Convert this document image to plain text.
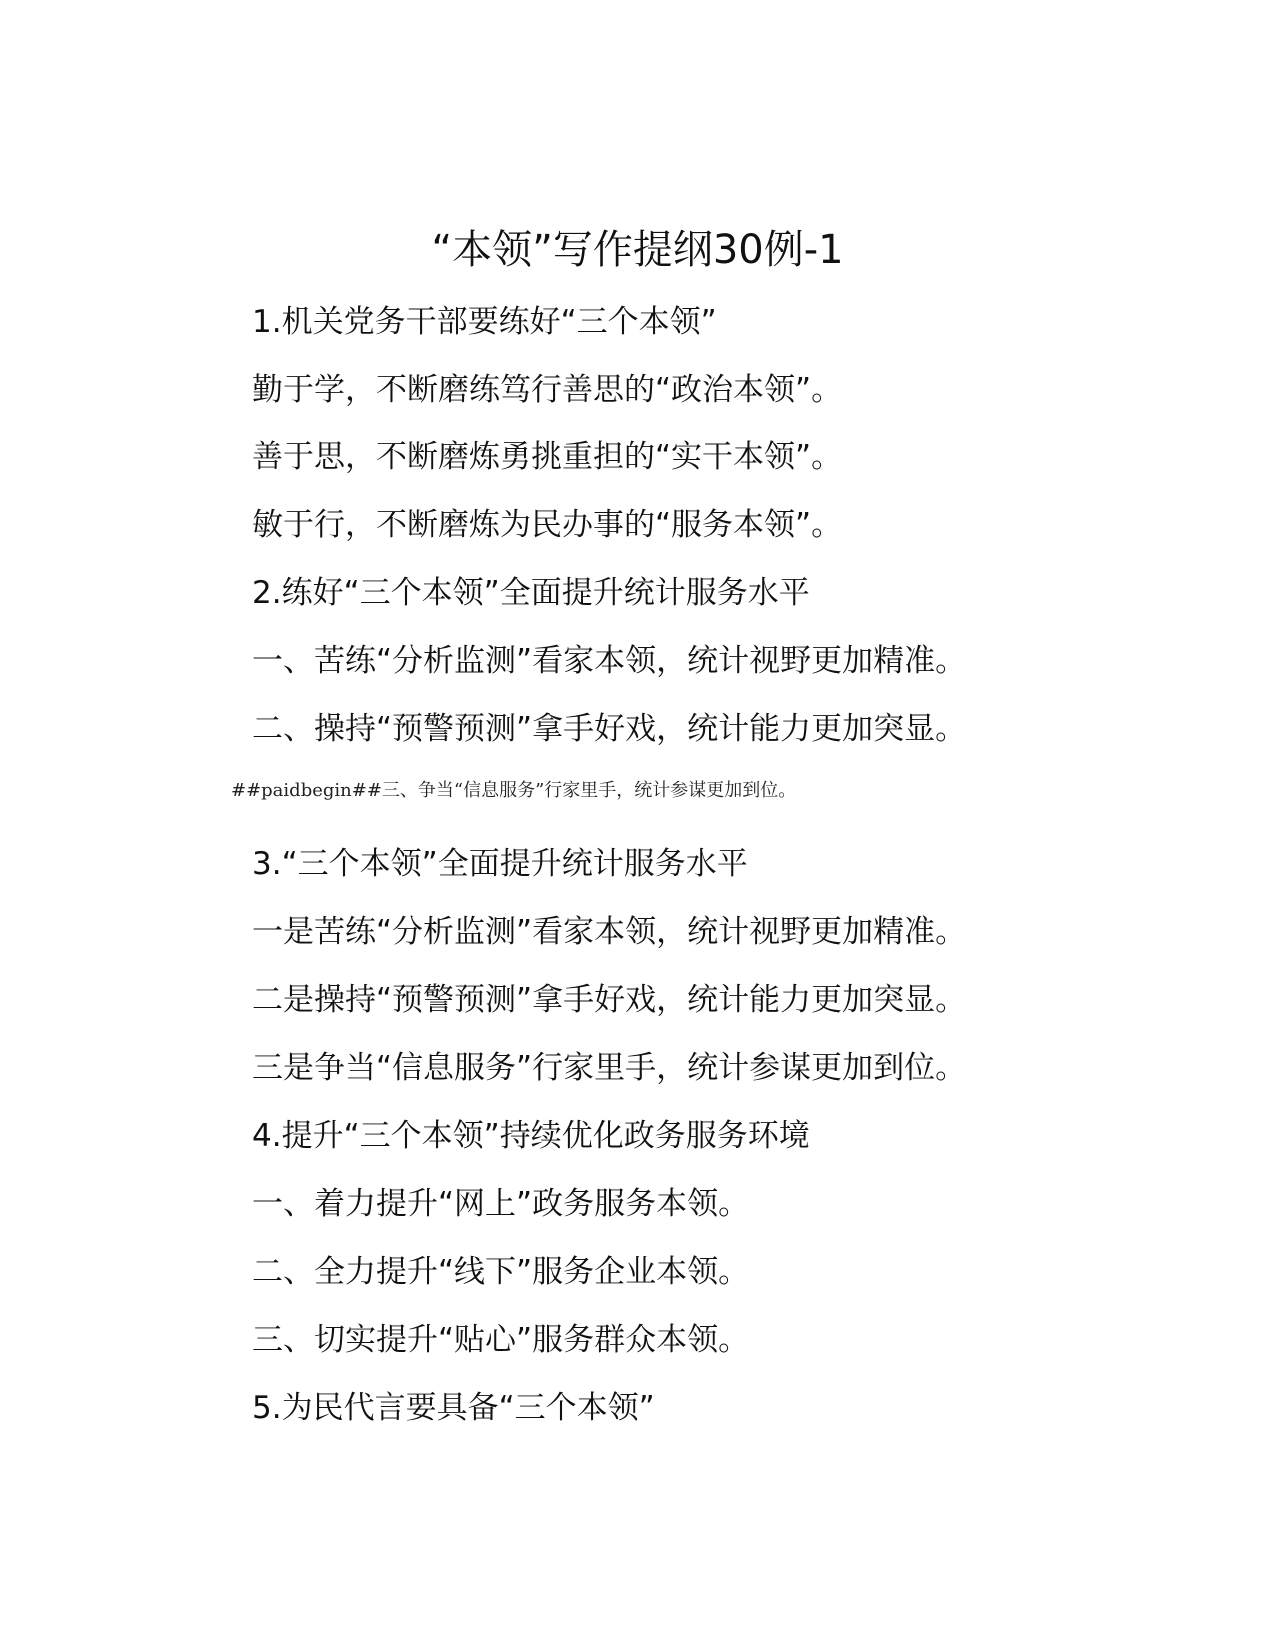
“本领”写作提纲30例-1
1.机关党务干部要练好“三个本领”
勤于学，不断磨练笃行善思的“政治本领”。
善于思，不断磨炼勇挑重担的“实干本领”。
敏于行，不断磨炼为民办事的“服务本领”。
2.练好“三个本领”全面提升统计服务水平
一、苦练“分析监测”看家本领，统计视野更加精准。
二、操持“预警预测”拿手好戏，统计能力更加突显。
##paidbegin##三、争当“信息服务”行家里手，统计参谋更加到位。
3.“三个本领”全面提升统计服务水平
一是苦练“分析监测”看家本领，统计视野更加精准。
二是操持“预警预测”拿手好戏，统计能力更加突显。
三是争当“信息服务”行家里手，统计参谋更加到位。
4.提升“三个本领”持续优化政务服务环境
一、着力提升“网上”政务服务本领。
二、全力提升“线下”服务企业本领。
三、切实提升“贴心”服务群众本领。
5.为民代言要具备“三个本领”
